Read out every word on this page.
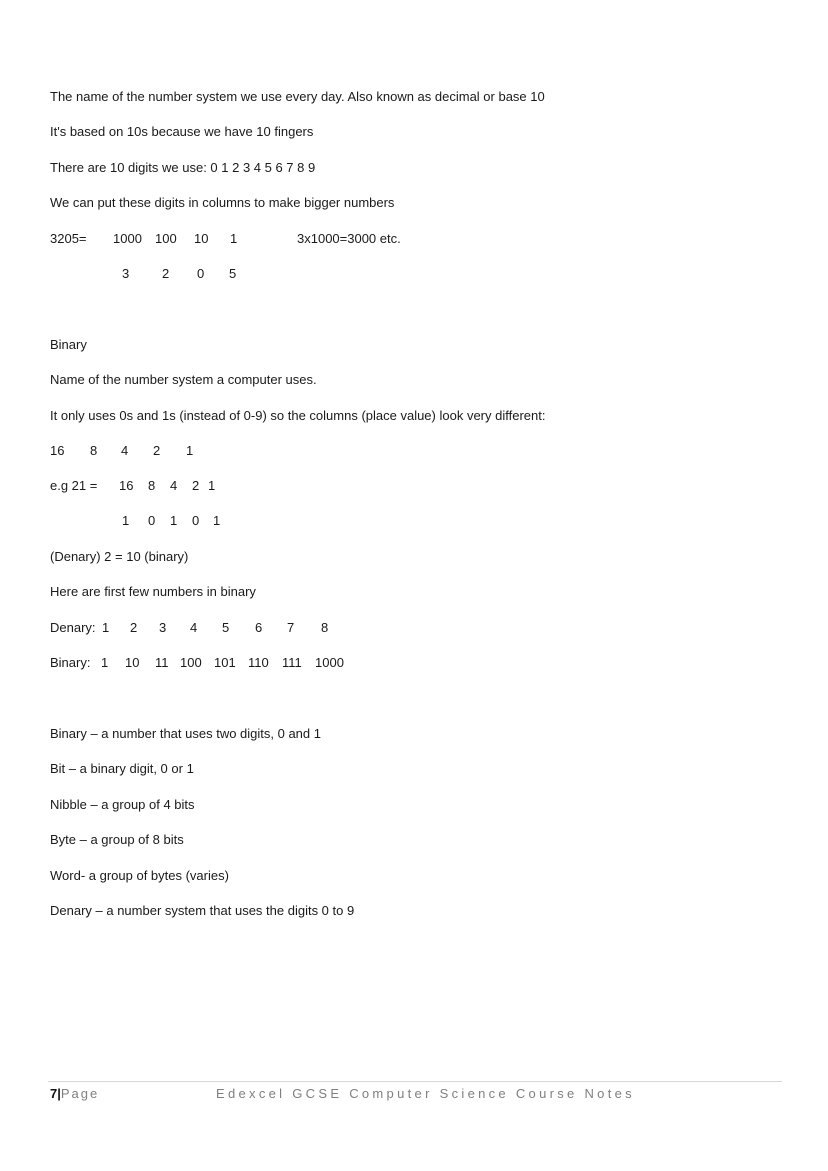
The name of the number system we use every day. Also known as decimal or base 10
It's based on 10s because we have 10 fingers
There are 10 digits we use: 0 1 2 3 4 5 6 7 8 9
We can put these digits in columns to make bigger numbers
3205= 1000 100 10 1	3x1000=3000 etc.
3	2 0 5
Binary
Name of the number system a computer uses.
It only uses 0s and 1s (instead of 0-9) so the columns (place value) look very different:
16 8 4 2 1
e.g 21 = 16 8 4 2 1
1 0 1 0 1
(Denary) 2 = 10 (binary)
Here are first few numbers in binary
Denary: 1 2 3 4 5 6 7 8
Binary: 1 10 11 100 101 110 111 1000
Binary – a number that uses two digits, 0 and 1
Bit – a binary digit, 0 or 1
Nibble – a group of 4 bits
Byte – a group of 8 bits
Word- a group of bytes (varies)
Denary – a number system that uses the digits 0 to 9
7|Page	Edexcel GCSE Computer Science Course Notes
